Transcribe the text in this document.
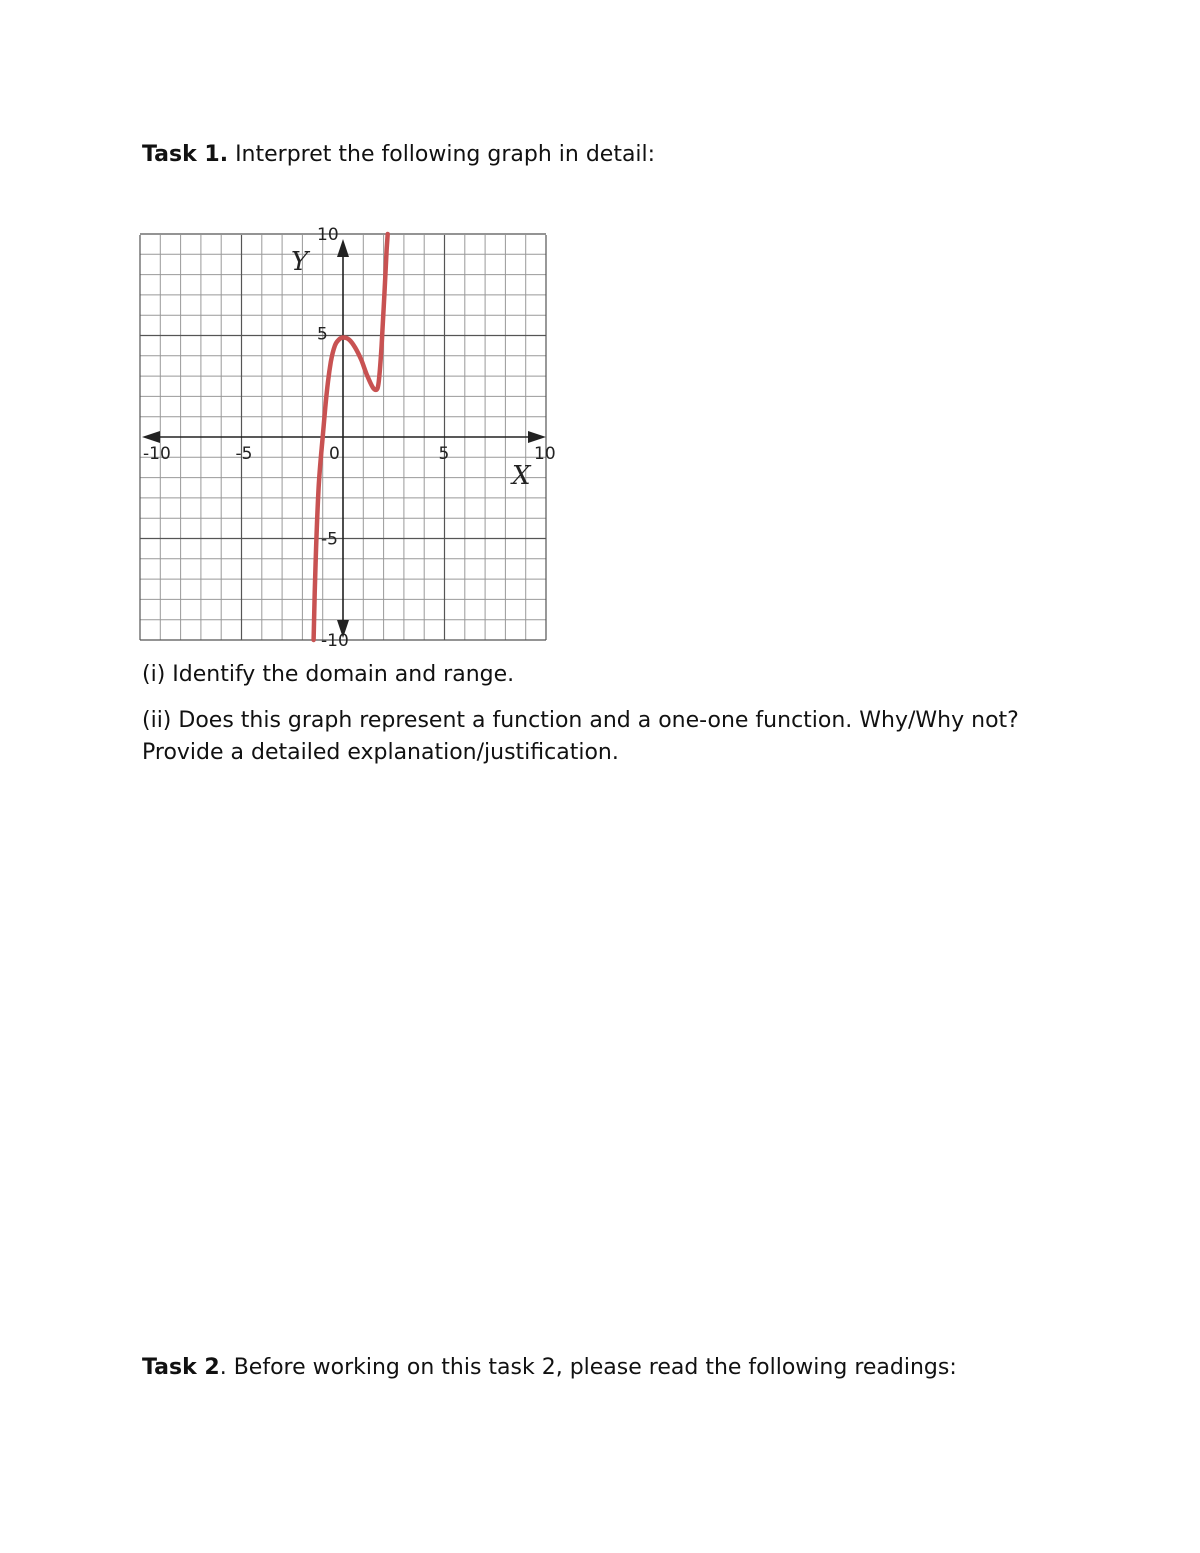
Task 1. Interpret the following graph in detail:
-10	-5	0	5	10
10
5
-5
-10
Y
X
(i) Identify the domain and range.
(ii) Does this graph represent a function and a one-one function. Why/Why not? Provide a detailed explanation/justification.
Task 2. Before working on this task 2, please read the following readings:
